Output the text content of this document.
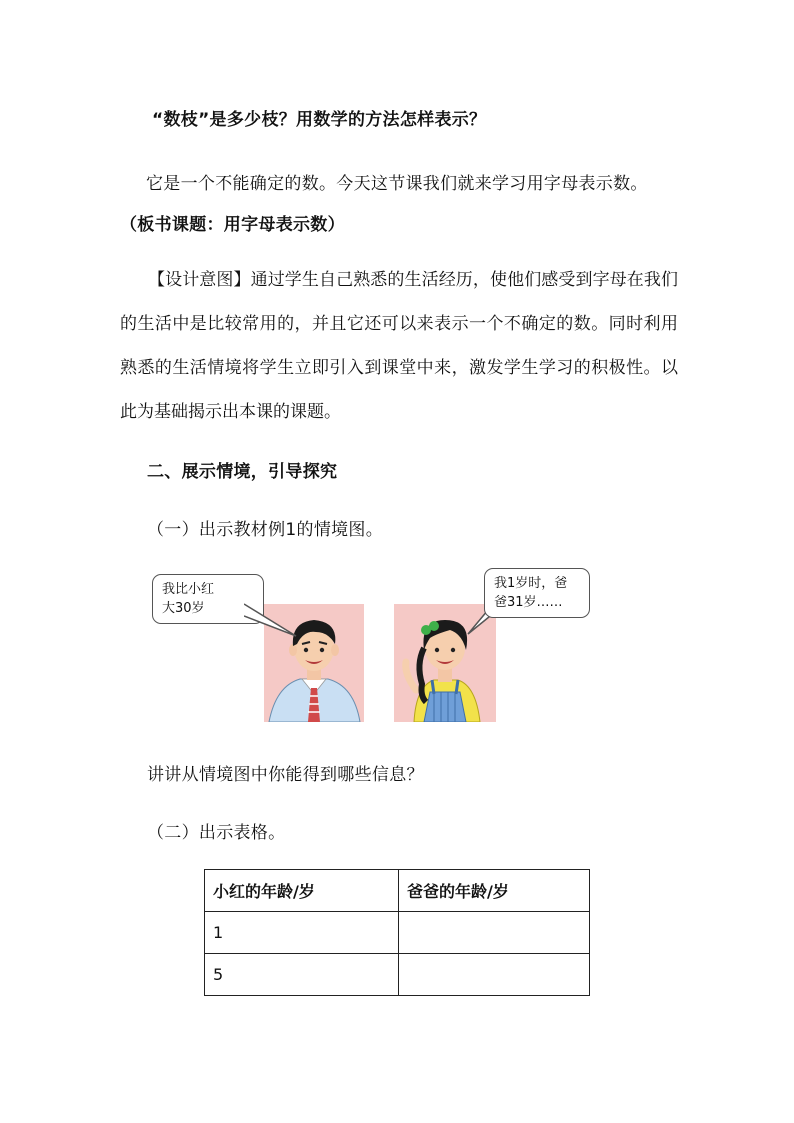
“数枝”是多少枝？用数学的方法怎样表示？
它是一个不能确定的数。今天这节课我们就来学习用字母表示数。
（板书课题：用字母表示数）
【设计意图】通过学生自己熟悉的生活经历，使他们感受到字母在我们的生活中是比较常用的，并且它还可以来表示一个不确定的数。同时利用熟悉的生活情境将学生立即引入到课堂中来，激发学生学习的积极性。以此为基础揭示出本课的课题。
二、展示情境，引导探究
（一）出示教材例1的情境图。
我比小红
大30岁
我1岁时，爸
爸31岁……
讲讲从情境图中你能得到哪些信息？
（二）出示表格。
小红的年龄/岁	爸爸的年龄/岁
1	
5	
